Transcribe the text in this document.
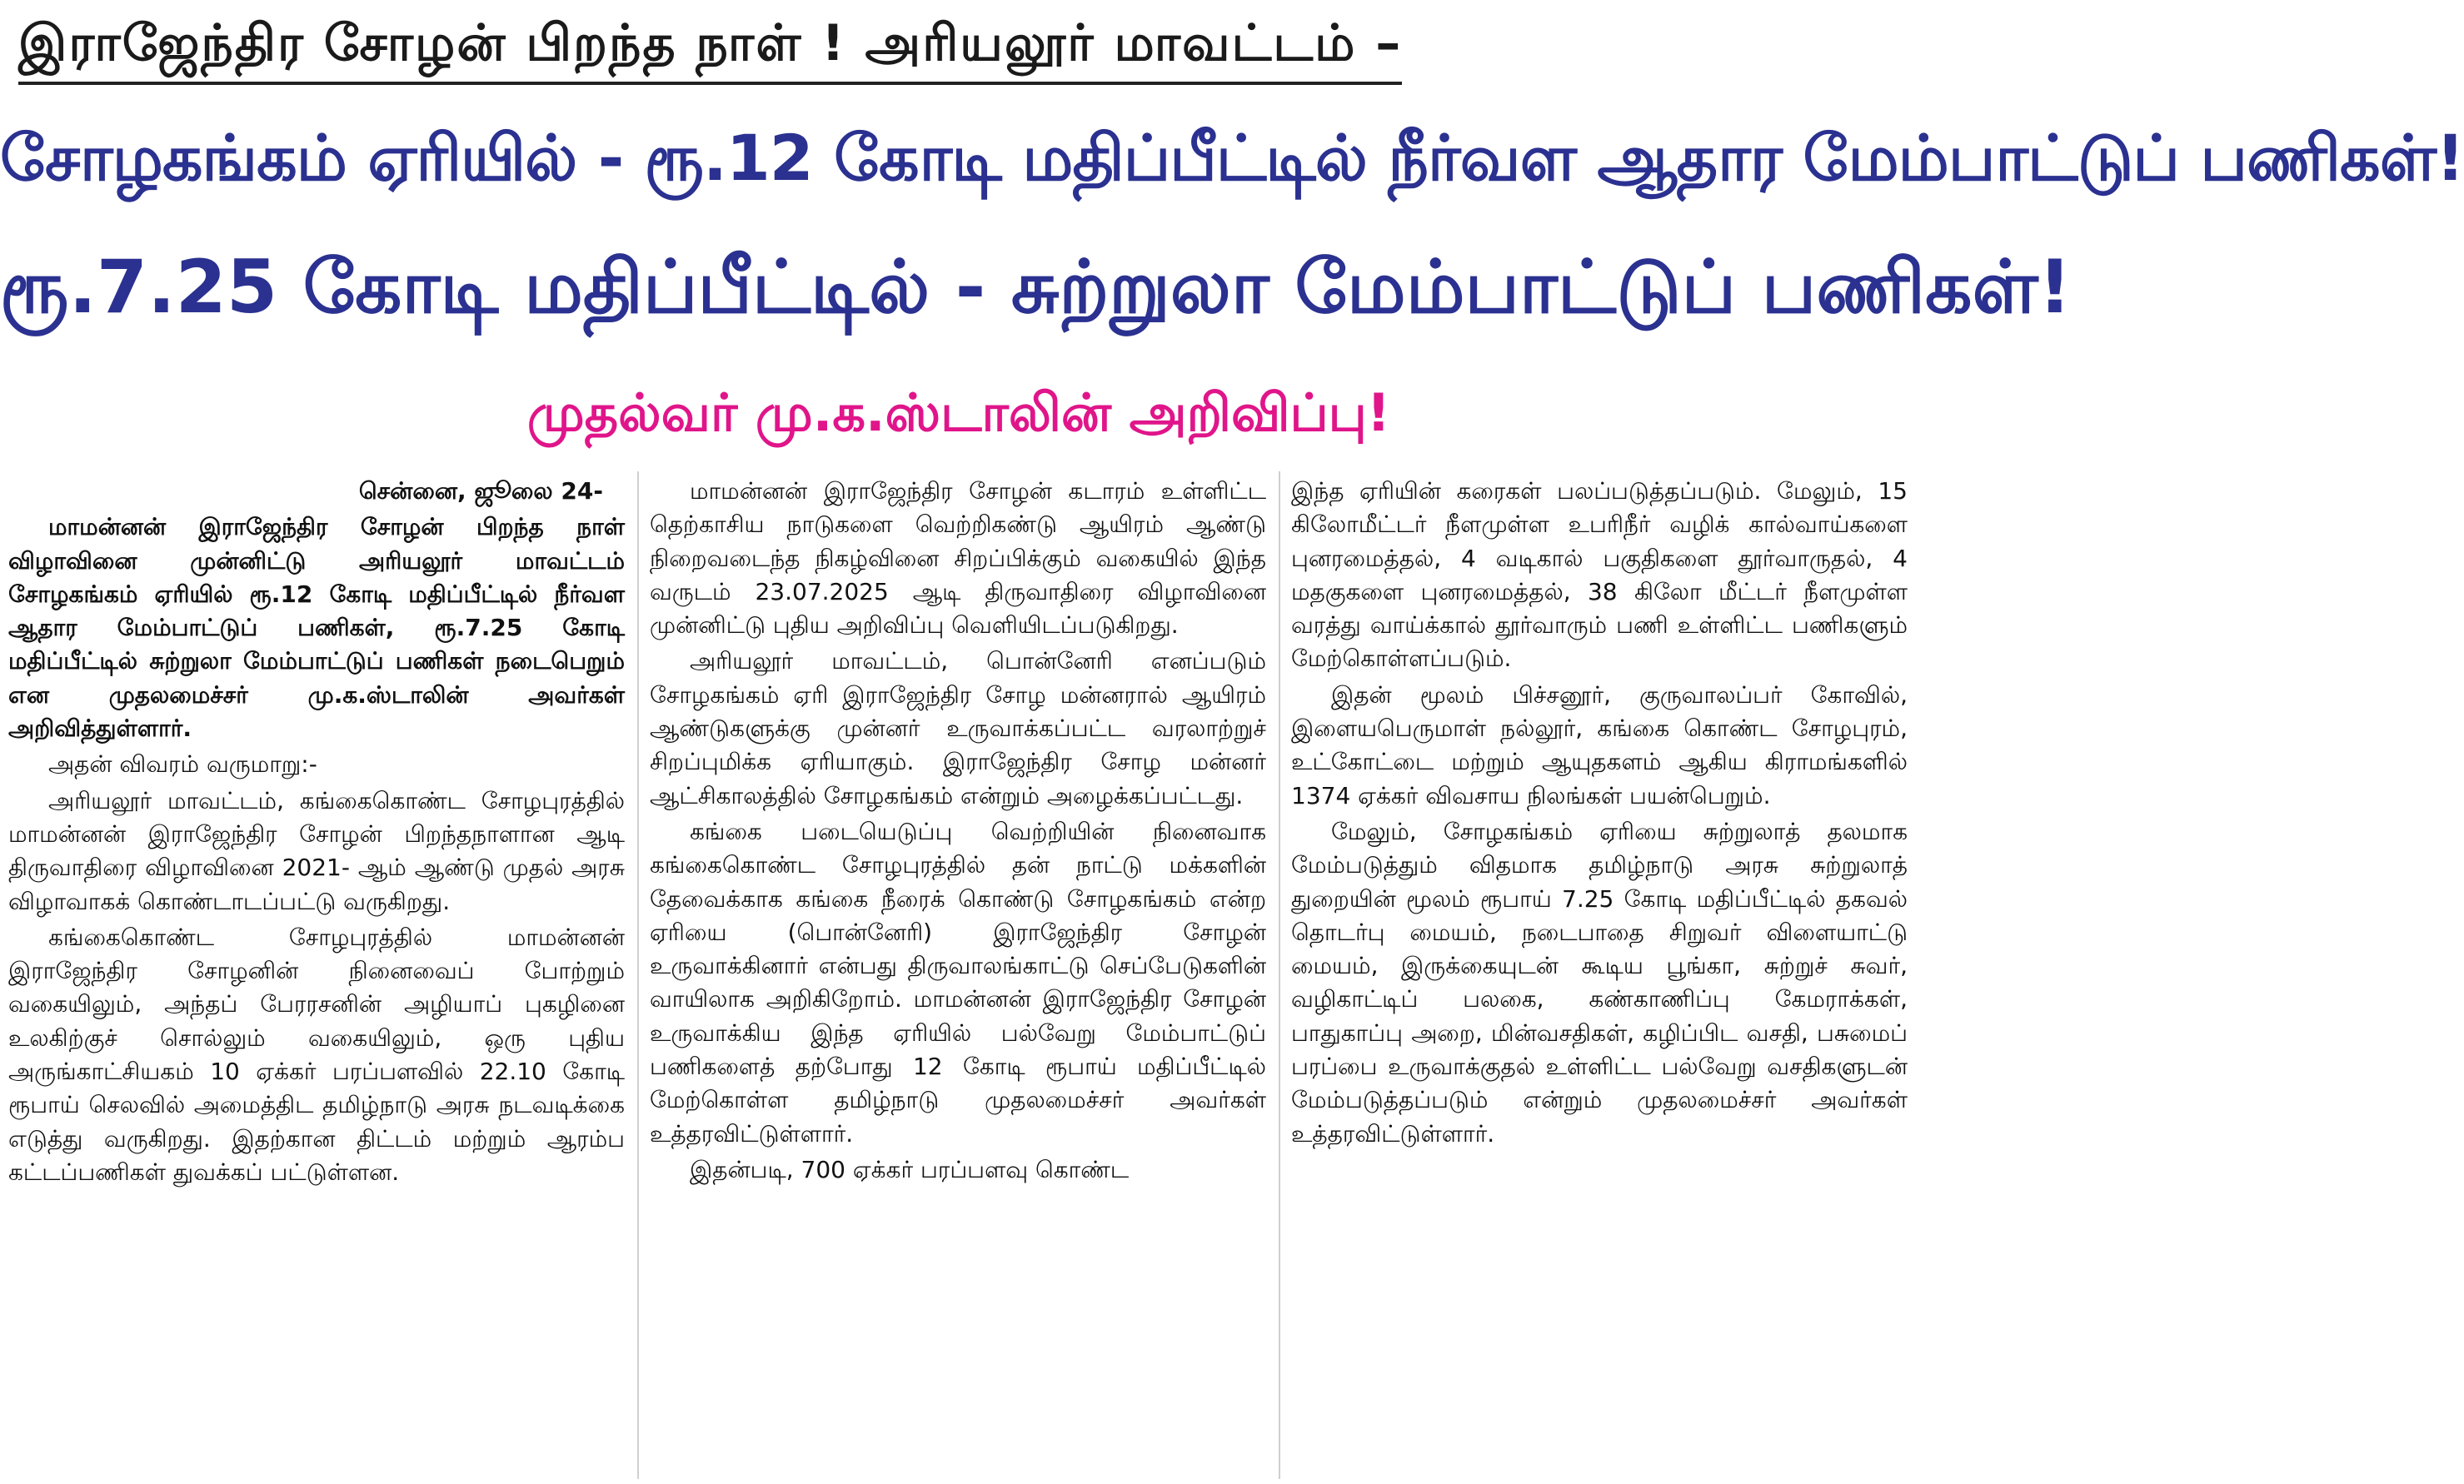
இராஜேந்திர சோழன் பிறந்த நாள் ! அரியலூர் மாவட்டம் –
சோழகங்கம் ஏரியில் - ரூ.12 கோடி மதிப்பீட்டில் நீர்வள ஆதார மேம்பாட்டுப் பணிகள்!
ரூ.7.25 கோடி மதிப்பீட்டில் - சுற்றுலா மேம்பாட்டுப் பணிகள்!
முதல்வர் மு.க.ஸ்டாலின் அறிவிப்பு!

சென்னை, ஜூலை 24-

மாமன்னன் இராஜேந்திர சோழன் பிறந்த நாள் விழாவினை முன்னிட்டு அரியலூர் மாவட்டம் சோழகங்கம் ஏரியில் ரூ.12 கோடி மதிப்பீட்டில் நீர்வள ஆதார மேம்பாட்டுப் பணிகள், ரூ.7.25 கோடி மதிப்பீட்டில் சுற்றுலா மேம்பாட்டுப் பணிகள் நடைபெறும் என முதலமைச்சர் மு.க.ஸ்டாலின் அவர்கள் அறிவித்துள்ளார்.

அதன் விவரம் வருமாறு:-

அரியலூர் மாவட்டம், கங்கைகொண்ட சோழபுரத்தில் மாமன்னன் இராஜேந்திர சோழன் பிறந்தநாளான ஆடி திருவாதிரை விழாவினை 2021- ஆம் ஆண்டு முதல் அரசு விழாவாகக் கொண்டாடப்பட்டு வருகிறது.

கங்கைகொண்ட சோழபுரத்தில் மாமன்னன் இராஜேந்திர சோழனின் நினைவைப் போற்றும் வகையிலும், அந்தப் பேரரசனின் அழியாப் புகழினை உலகிற்குச் சொல்லும் வகையிலும், ஒரு புதிய அருங்காட்சியகம் 10 ஏக்கர் பரப்பளவில் 22.10 கோடி ரூபாய் செலவில் அமைத்திட தமிழ்நாடு அரசு நடவடிக்கை எடுத்து வருகிறது. இதற்கான திட்டம் மற்றும் ஆரம்ப கட்டப்பணிகள் துவக்கப் பட்டுள்ளன.

மாமன்னன் இராஜேந்திர சோழன் கடாரம் உள்ளிட்ட தெற்காசிய நாடுகளை வெற்றிகண்டு ஆயிரம் ஆண்டு நிறைவடைந்த நிகழ்வினை சிறப்பிக்கும் வகையில் இந்த வருடம் 23.07.2025 ஆடி திருவாதிரை விழாவினை முன்னிட்டு புதிய அறிவிப்பு வெளியிடப்படுகிறது.

அரியலூர் மாவட்டம், பொன்னேரி எனப்படும் சோழகங்கம் ஏரி இராஜேந்திர சோழ மன்னரால் ஆயிரம் ஆண்டுகளுக்கு முன்னர் உருவாக்கப்பட்ட வரலாற்றுச் சிறப்புமிக்க ஏரியாகும். இராஜேந்திர சோழ மன்னர் ஆட்சிகாலத்தில் சோழகங்கம் என்றும் அழைக்கப்பட்டது.

கங்கை படையெடுப்பு வெற்றியின் நினைவாக கங்கைகொண்ட சோழபுரத்தில் தன் நாட்டு மக்களின் தேவைக்காக கங்கை நீரைக் கொண்டு சோழகங்கம் என்ற ஏரியை (பொன்னேரி) இராஜேந்திர சோழன் உருவாக்கினார் என்பது திருவாலங்காட்டு செப்பேடுகளின் வாயிலாக அறிகிறோம். மாமன்னன் இராஜேந்திர சோழன் உருவாக்கிய இந்த ஏரியில் பல்வேறு மேம்பாட்டுப் பணிகளைத் தற்போது 12 கோடி ரூபாய் மதிப்பீட்டில் மேற்கொள்ள தமிழ்நாடு முதலமைச்சர் அவர்கள் உத்தரவிட்டுள்ளார்.

இதன்படி, 700 ஏக்கர் பரப்பளவு கொண்ட

இந்த ஏரியின் கரைகள் பலப்படுத்தப்படும். மேலும், 15 கிலோமீட்டர் நீளமுள்ள உபரிநீர் வழிக் கால்வாய்களை புனரமைத்தல், 4 வடிகால் பகுதிகளை தூர்வாருதல், 4 மதகுகளை புனரமைத்தல், 38 கிலோ மீட்டர் நீளமுள்ள வரத்து வாய்க்கால் தூர்வாரும் பணி உள்ளிட்ட பணிகளும் மேற்கொள்ளப்படும்.

இதன் மூலம் பிச்சனூர், குருவாலப்பர் கோவில், இளையபெருமாள் நல்லூர், கங்கை கொண்ட சோழபுரம், உட்கோட்டை மற்றும் ஆயுதகளம் ஆகிய கிராமங்களில் 1374 ஏக்கர் விவசாய நிலங்கள் பயன்பெறும்.

மேலும், சோழகங்கம் ஏரியை சுற்றுலாத் தலமாக மேம்படுத்தும் விதமாக தமிழ்நாடு அரசு சுற்றுலாத் துறையின் மூலம் ரூபாய் 7.25 கோடி மதிப்பீட்டில் தகவல் தொடர்பு மையம், நடைபாதை சிறுவர் விளையாட்டு மையம், இருக்கையுடன் கூடிய பூங்கா, சுற்றுச் சுவர், வழிகாட்டிப் பலகை, கண்காணிப்பு கேமராக்கள், பாதுகாப்பு அறை, மின்வசதிகள், கழிப்பிட வசதி, பசுமைப் பரப்பை உருவாக்குதல் உள்ளிட்ட பல்வேறு வசதிகளுடன் மேம்படுத்தப்படும் என்றும் முதலமைச்சர் அவர்கள் உத்தரவிட்டுள்ளார்.
